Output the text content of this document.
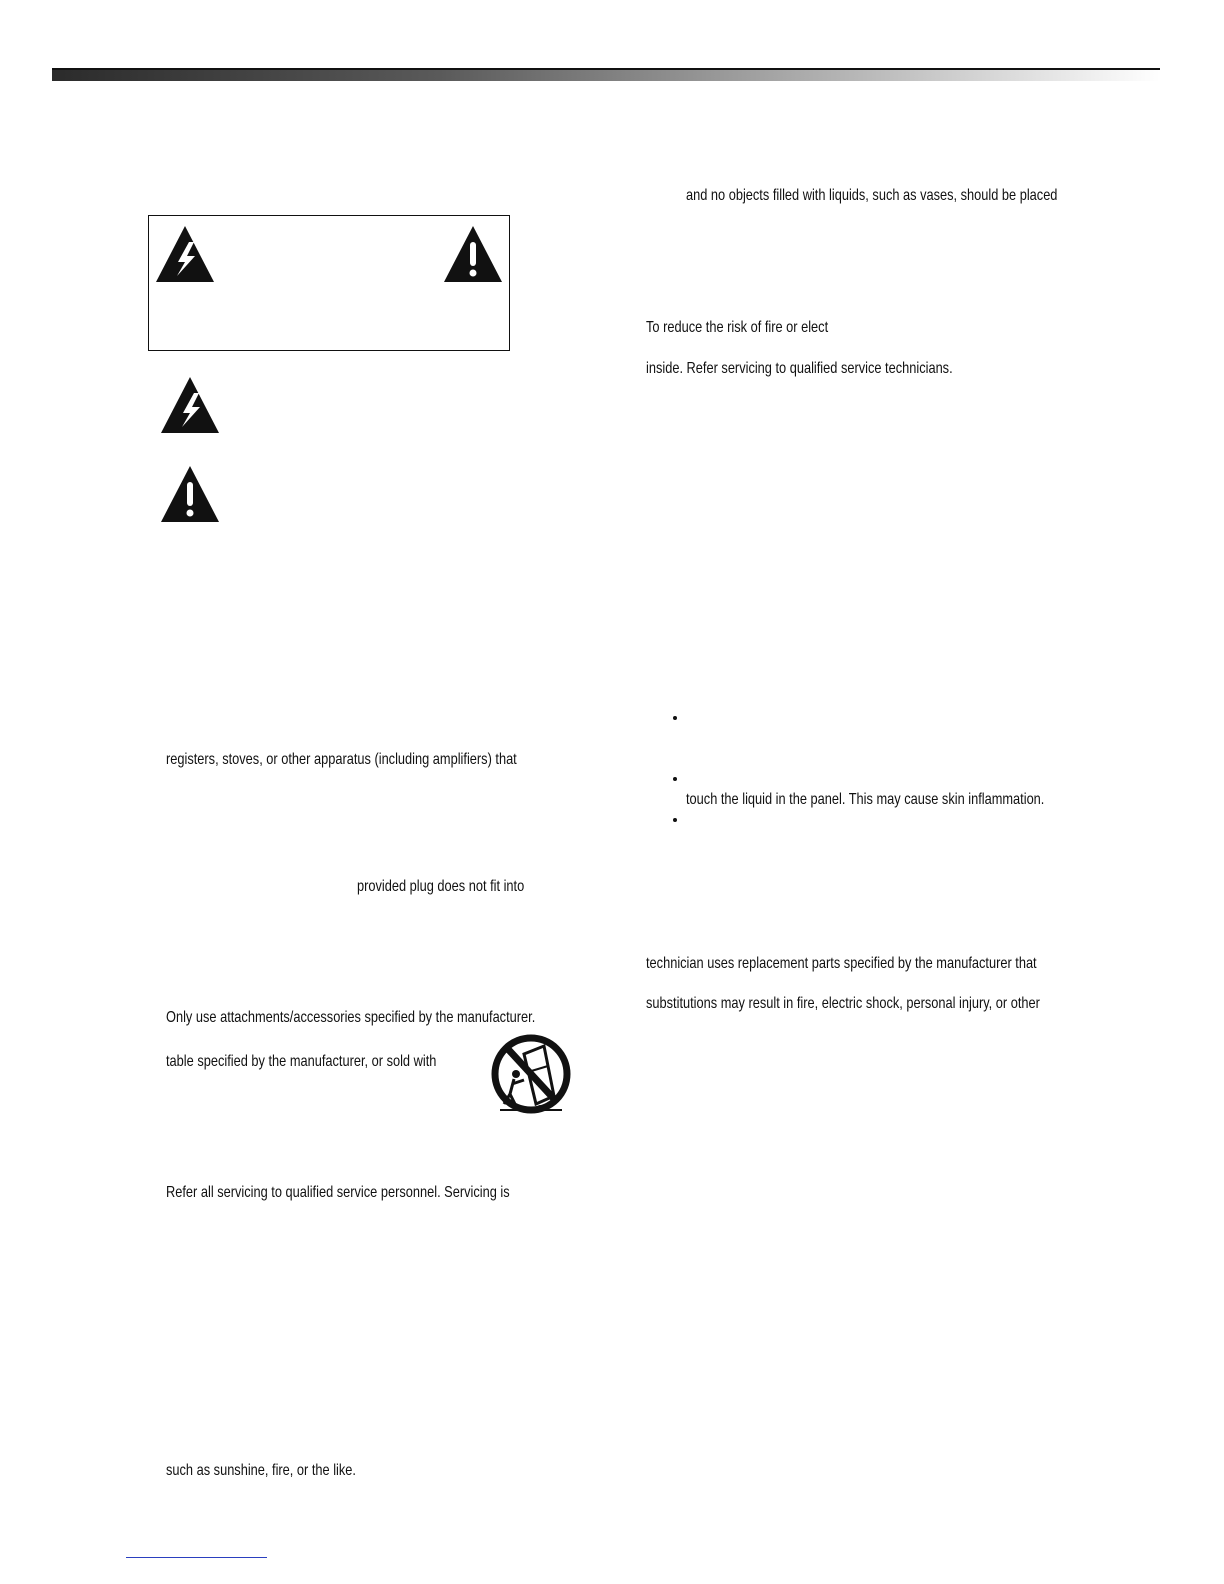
registers, stoves, or other apparatus (including amplifiers) that
provided plug does not fit into
Only use attachments/accessories specified by the manufacturer.
table specified by the manufacturer, or sold with
Refer all servicing to qualified service personnel. Servicing is
such as sunshine, fire, or the like.
and no objects filled with liquids, such as vases, should be placed
To reduce the risk of fire or elect
inside. Refer servicing to qualified service technicians.
touch the liquid in the panel. This may cause skin inflammation.
technician uses replacement parts specified by the manufacturer that
substitutions may result in fire, electric shock, personal injury, or other
